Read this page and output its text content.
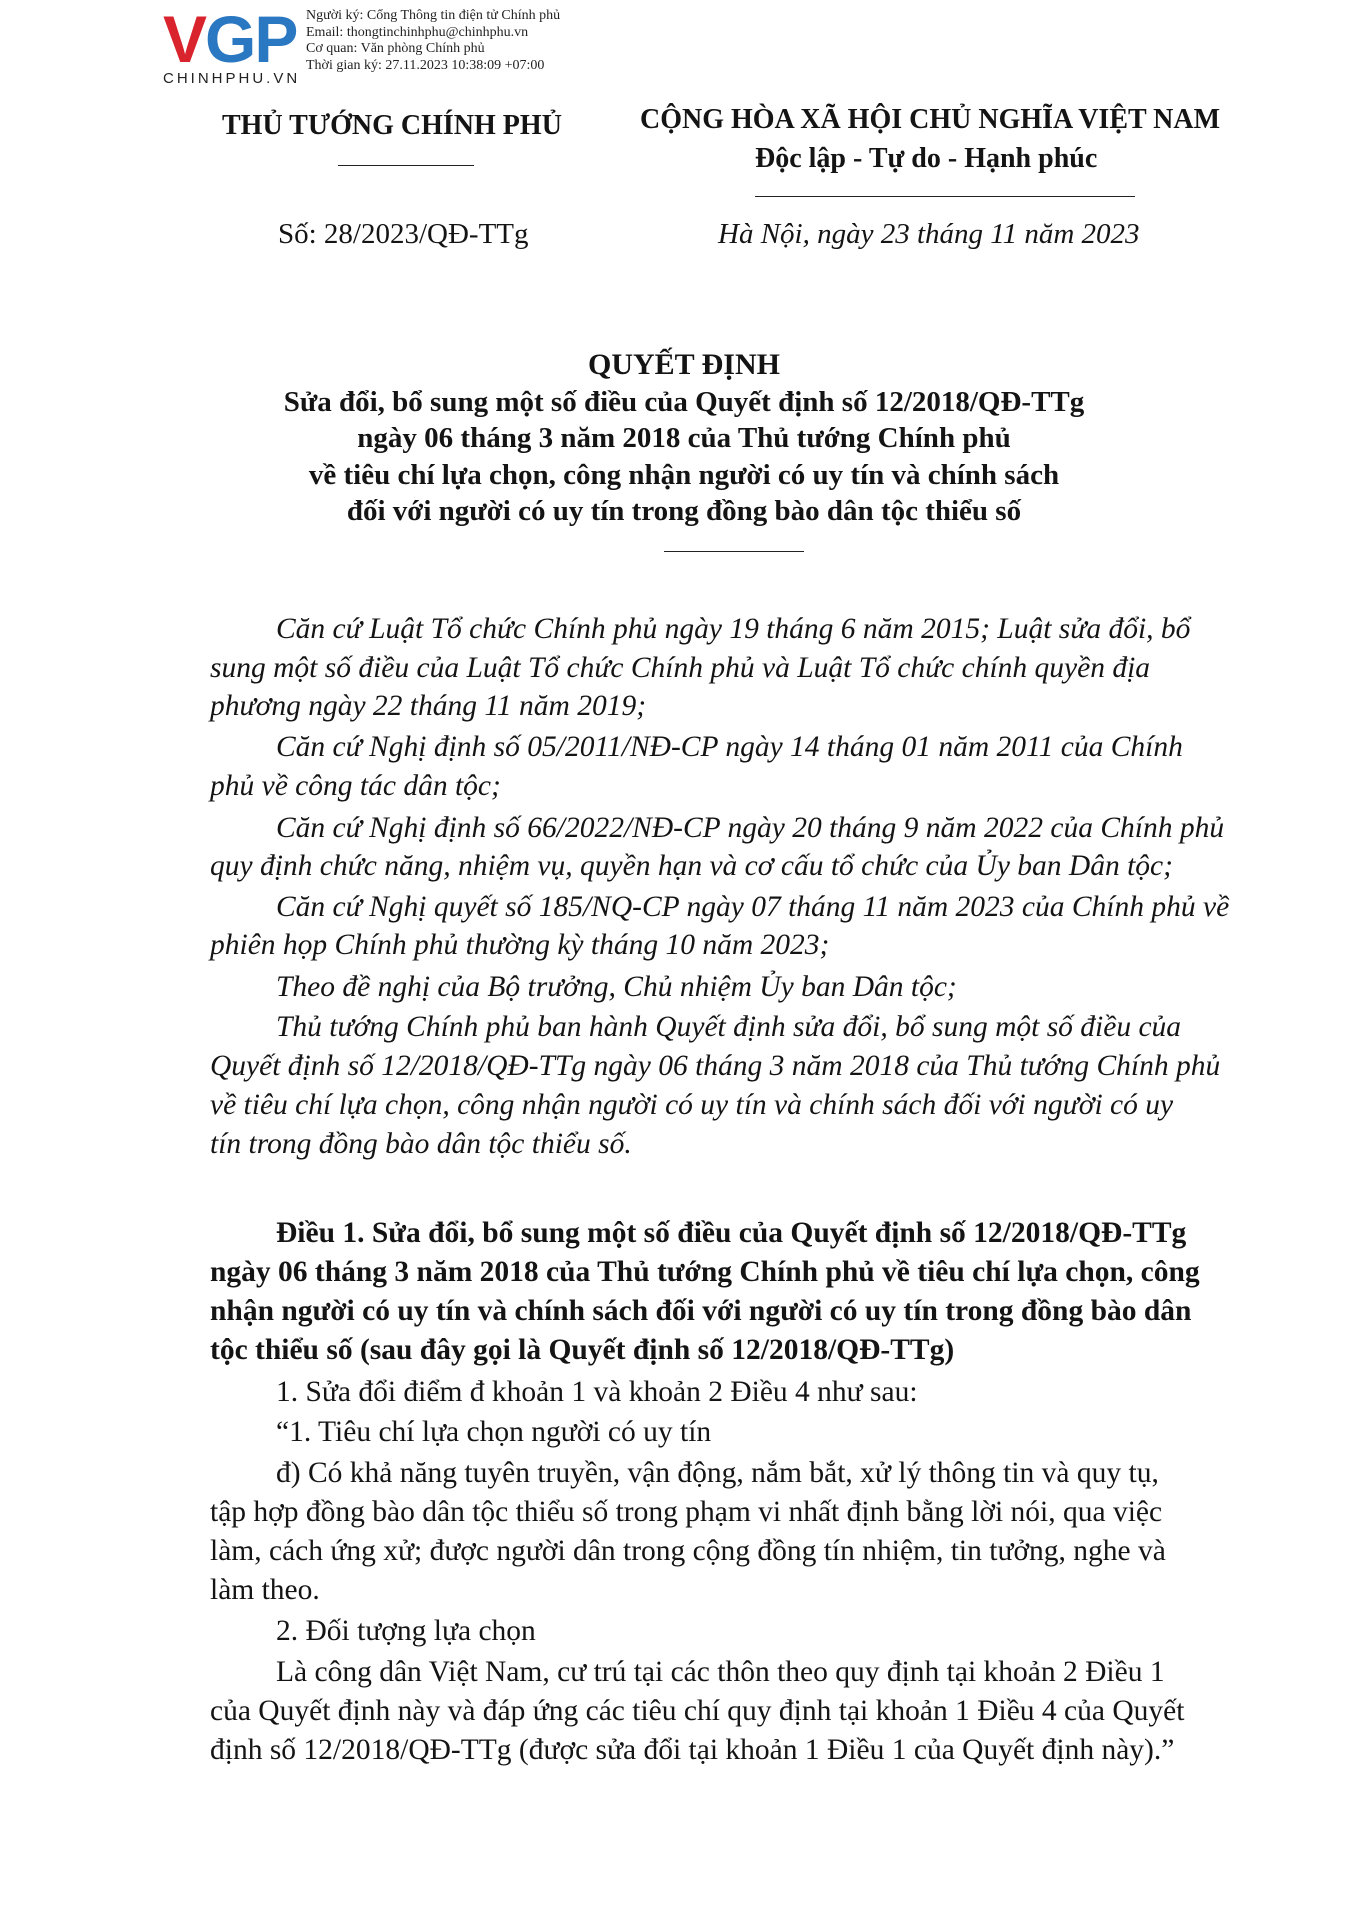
VGP
CHINHPHU.VN
Người ký: Cổng Thông tin điện tử Chính phủ
Email: thongtinchinhphu@chinhphu.vn
Cơ quan: Văn phòng Chính phủ
Thời gian ký: 27.11.2023 10:38:09 +07:00
THỦ TƯỚNG CHÍNH PHỦ	CỘNG HÒA XÃ HỘI CHỦ NGHĨA VIỆT NAM
Độc lập - Tự do - Hạnh phúc
Số: 28/2023/QĐ-TTg	Hà Nội, ngày 23 tháng 11 năm 2023
QUYẾT ĐỊNH
Sửa đổi, bổ sung một số điều của Quyết định số 12/2018/QĐ-TTg
ngày 06 tháng 3 năm 2018 của Thủ tướng Chính phủ
về tiêu chí lựa chọn, công nhận người có uy tín và chính sách
đối với người có uy tín trong đồng bào dân tộc thiểu số
Căn cứ Luật Tổ chức Chính phủ ngày 19 tháng 6 năm 2015; Luật sửa đổi, bổ
sung một số điều của Luật Tổ chức Chính phủ và Luật Tổ chức chính quyền địa
phương ngày 22 tháng 11 năm 2019;
Căn cứ Nghị định số 05/2011/NĐ-CP ngày 14 tháng 01 năm 2011 của Chính
phủ về công tác dân tộc;
Căn cứ Nghị định số 66/2022/NĐ-CP ngày 20 tháng 9 năm 2022 của Chính phủ
quy định chức năng, nhiệm vụ, quyền hạn và cơ cấu tổ chức của Ủy ban Dân tộc;
Căn cứ Nghị quyết số 185/NQ-CP ngày 07 tháng 11 năm 2023 của Chính phủ về
phiên họp Chính phủ thường kỳ tháng 10 năm 2023;
Theo đề nghị của Bộ trưởng, Chủ nhiệm Ủy ban Dân tộc;
Thủ tướng Chính phủ ban hành Quyết định sửa đổi, bổ sung một số điều của
Quyết định số 12/2018/QĐ-TTg ngày 06 tháng 3 năm 2018 của Thủ tướng Chính phủ
về tiêu chí lựa chọn, công nhận người có uy tín và chính sách đối với người có uy
tín trong đồng bào dân tộc thiểu số.
Điều 1. Sửa đổi, bổ sung một số điều của Quyết định số 12/2018/QĐ-TTg
ngày 06 tháng 3 năm 2018 của Thủ tướng Chính phủ về tiêu chí lựa chọn, công
nhận người có uy tín và chính sách đối với người có uy tín trong đồng bào dân
tộc thiểu số (sau đây gọi là Quyết định số 12/2018/QĐ-TTg)
1. Sửa đổi điểm đ khoản 1 và khoản 2 Điều 4 như sau:
“1. Tiêu chí lựa chọn người có uy tín
đ) Có khả năng tuyên truyền, vận động, nắm bắt, xử lý thông tin và quy tụ,
tập hợp đồng bào dân tộc thiểu số trong phạm vi nhất định bằng lời nói, qua việc
làm, cách ứng xử; được người dân trong cộng đồng tín nhiệm, tin tưởng, nghe và
làm theo.
2. Đối tượng lựa chọn
Là công dân Việt Nam, cư trú tại các thôn theo quy định tại khoản 2 Điều 1
của Quyết định này và đáp ứng các tiêu chí quy định tại khoản 1 Điều 4 của Quyết
định số 12/2018/QĐ-TTg (được sửa đổi tại khoản 1 Điều 1 của Quyết định này).”
